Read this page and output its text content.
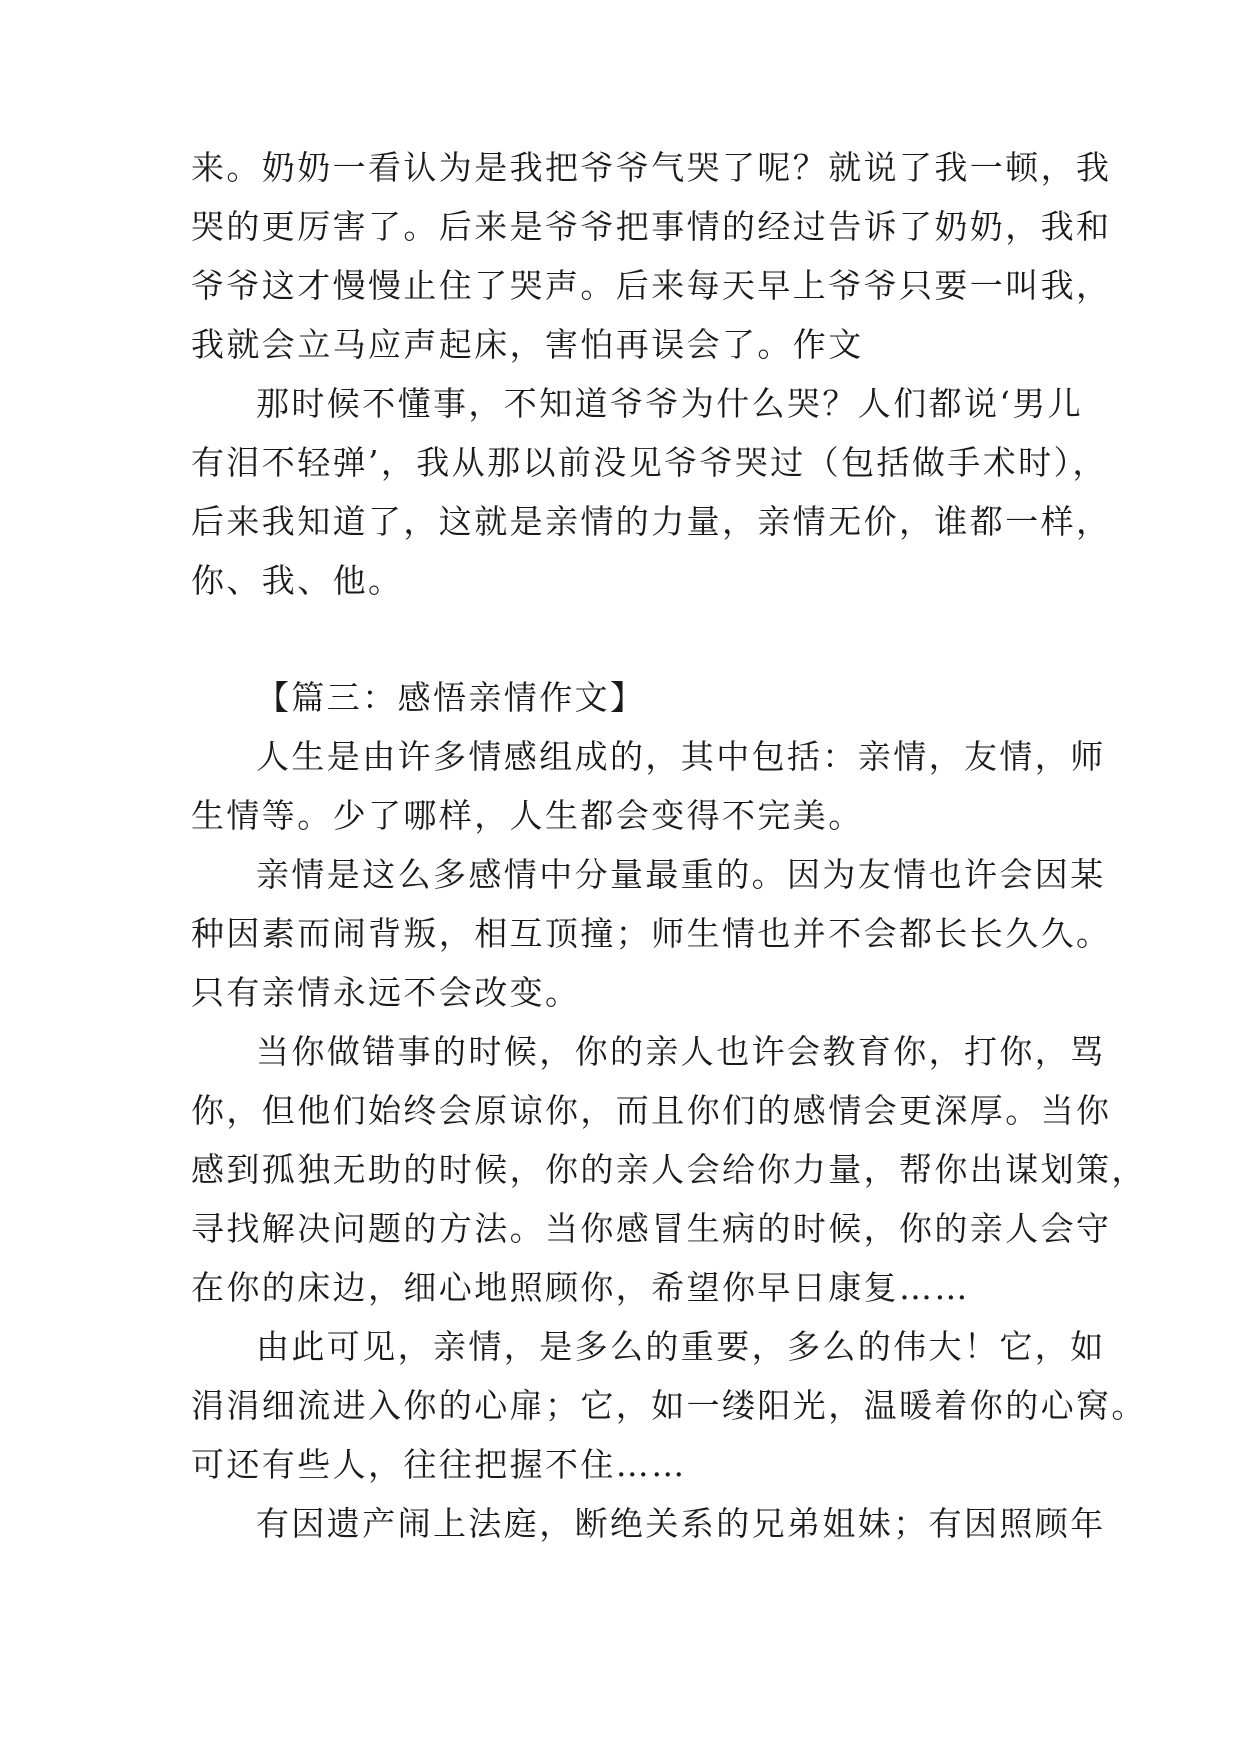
来。奶奶一看认为是我把爷爷气哭了呢？就说了我一顿，我
哭的更厉害了。后来是爷爷把事情的经过告诉了奶奶，我和
爷爷这才慢慢止住了哭声。后来每天早上爷爷只要一叫我，
我就会立马应声起床，害怕再误会了。作文
那时候不懂事，不知道爷爷为什么哭？人们都说‘男儿
有泪不轻弹’，我从那以前没见爷爷哭过（包括做手术时），
后来我知道了，这就是亲情的力量，亲情无价，谁都一样，
你、我、他。
【篇三：感悟亲情作文】
人生是由许多情感组成的，其中包括：亲情，友情，师
生情等。少了哪样，人生都会变得不完美。
亲情是这么多感情中分量最重的。因为友情也许会因某
种因素而闹背叛，相互顶撞；师生情也并不会都长长久久。
只有亲情永远不会改变。
当你做错事的时候，你的亲人也许会教育你，打你，骂
你，但他们始终会原谅你，而且你们的感情会更深厚。当你
感到孤独无助的时候，你的亲人会给你力量，帮你出谋划策，
寻找解决问题的方法。当你感冒生病的时候，你的亲人会守
在你的床边，细心地照顾你，希望你早日康复……
由此可见，亲情，是多么的重要，多么的伟大！它，如
涓涓细流进入你的心扉；它，如一缕阳光，温暖着你的心窝。
可还有些人，往往把握不住……
有因遗产闹上法庭，断绝关系的兄弟姐妹；有因照顾年
